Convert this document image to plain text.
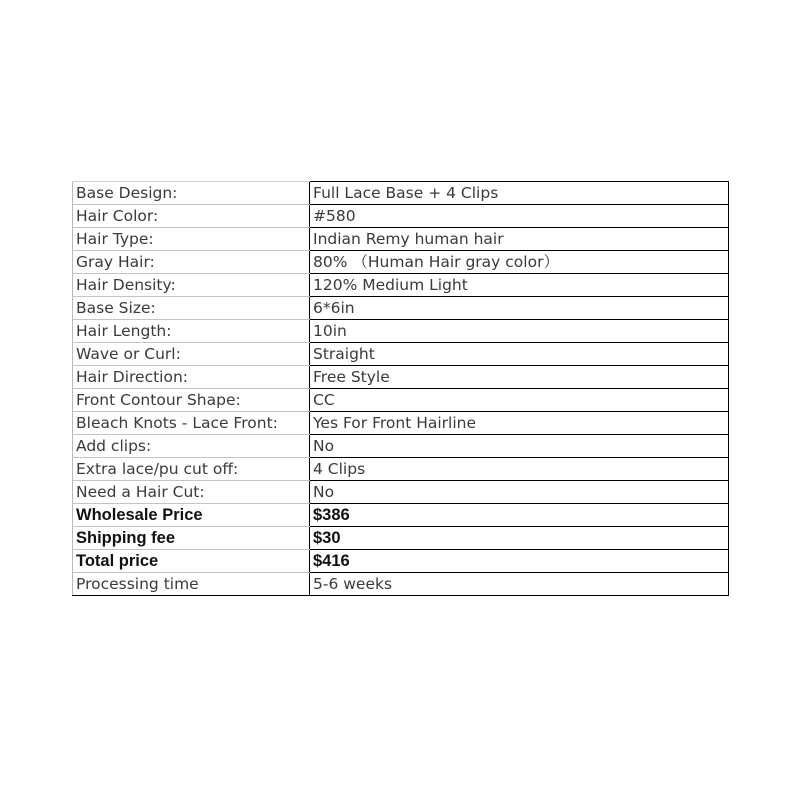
Base Design:	Full Lace Base + 4 Clips
Hair Color:	#580
Hair Type:	Indian Remy human hair
Gray Hair:	80% （Human Hair gray color）
Hair Density:	120% Medium Light
Base Size:	6*6in
Hair Length:	10in
Wave or Curl:	Straight
Hair Direction:	Free Style
Front Contour Shape:	CC
Bleach Knots - Lace Front:	Yes For Front Hairline
Add clips:	No
Extra lace/pu cut off:	4 Clips
Need a Hair Cut:	No
Wholesale Price	$386
Shipping fee	$30
Total price	$416
Processing time	5-6 weeks
